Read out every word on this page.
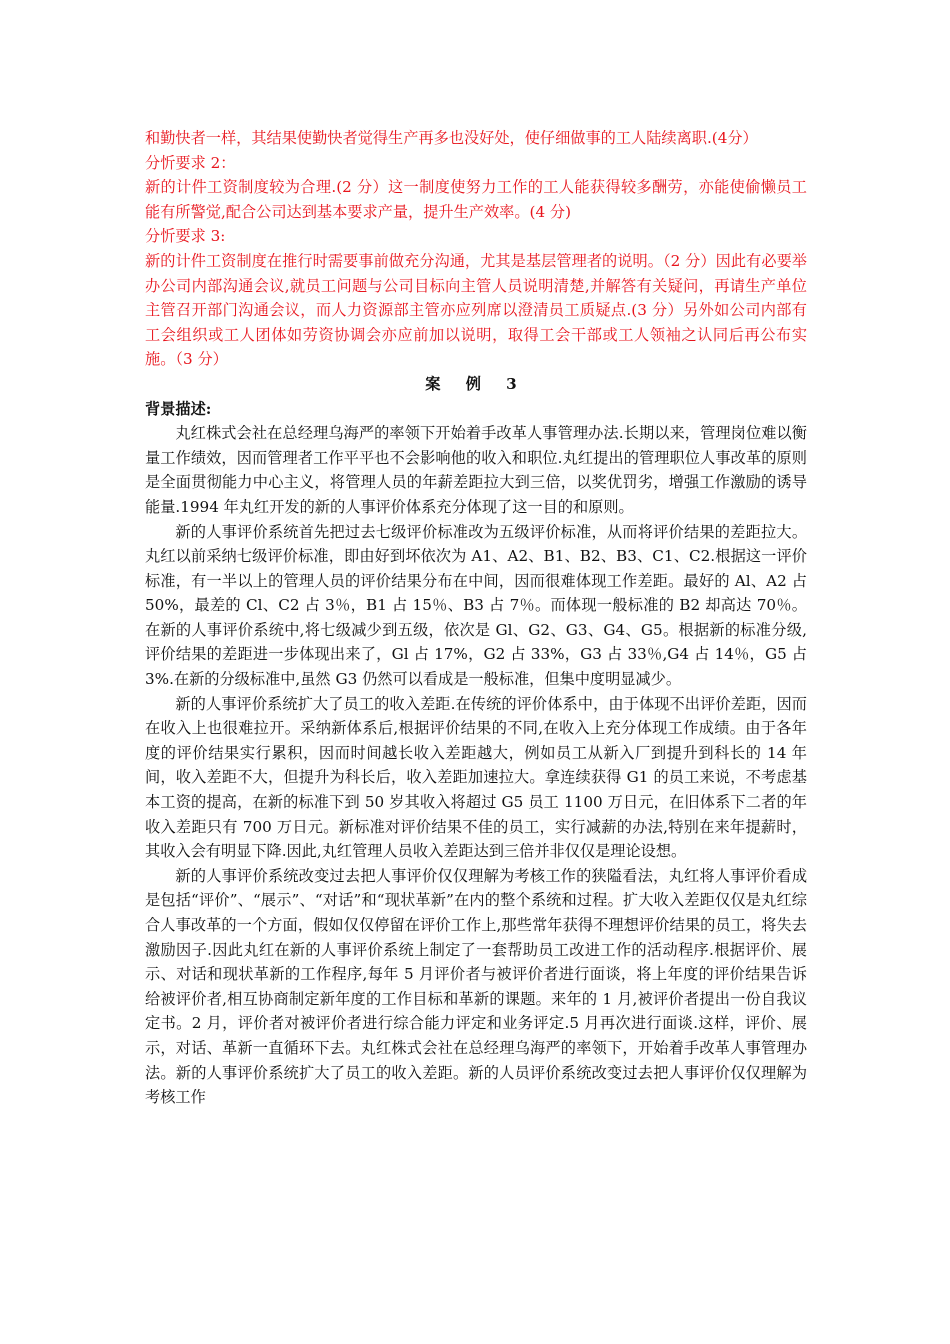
和勤快者一样，其结果使勤快者觉得生产再多也没好处，使仔细做事的工人陆续离职.(4分）

分忻要求 2：

新的计件工资制度较为合理.(2 分）这一制度使努力工作的工人能获得较多酬劳，亦能使偷懒员工能有所警觉,配合公司达到基本要求产量，提升生产效率。(4 分)

分忻要求 3:

新的计件工资制度在推行时需要事前做充分沟通，尤其是基层管理者的说明。（2 分）因此有必要举办公司内部沟通会议,就员工问题与公司目标向主管人员说明清楚,并解答有关疑问，再请生产单位主管召开部门沟通会议，而人力资源部主管亦应列席以澄清员工质疑点.(3 分）另外如公司内部有工会组织或工人团体如劳资协调会亦应前加以说明，取得工会干部或工人领袖之认同后再公布实施。（3 分）

案 例 3

背景描述:

丸红株式会社在总经理乌海严的率领下开始着手改革人事管理办法.长期以来，管理岗位难以衡量工作绩效，因而管理者工作平平也不会影响他的收入和职位.丸红提出的管理职位人事改革的原则是全面贯彻能力中心主义，将管理人员的年薪差距拉大到三倍，以奖优罚劣，增强工作激励的诱导能量.1994 年丸红开发的新的人事评价体系充分体现了这一目的和原则。

新的人事评价系统首先把过去七级评价标准改为五级评价标准，从而将评价结果的差距拉大。丸红以前采纳七级评价标准，即由好到坏依次为 A1、A2、B1、B2、B3、C1、C2.根据这一评价标准，有一半以上的管理人员的评价结果分布在中间，因而很难体现工作差距。最好的 Al、A2 占 50%，最差的 Cl、C2 占 3％，B1 占 15％、B3 占 7％。而体现一般标准的 B2 却高达 70％。在新的人事评价系统中,将七级减少到五级，依次是 Gl、G2、G3、G4、G5。根据新的标准分级,评价结果的差距进一步体现出来了，Gl 占 17%，G2 占 33%，G3 占 33％,G4 占 14％，G5 占 3%.在新的分级标准中,虽然 G3 仍然可以看成是一般标准，但集中度明显减少。

新的人事评价系统扩大了员工的收入差距.在传统的评价体系中，由于体现不出评价差距，因而在收入上也很难拉开。采纳新体系后,根据评价结果的不同,在收入上充分体现工作成绩。由于各年度的评价结果实行累积，因而时间越长收入差距越大，例如员工从新入厂到提升到科长的 14 年间，收入差距不大，但提升为科长后，收入差距加速拉大。拿连续获得 G1 的员工来说，不考虑基本工资的提高，在新的标准下到 50 岁其收入将超过 G5 员工 1100 万日元，在旧体系下二者的年收入差距只有 700 万日元。新标准对评价结果不佳的员工，实行减薪的办法,特别在来年提薪时，其收入会有明显下降.因此,丸红管理人员收入差距达到三倍并非仅仅是理论设想。

新的人事评价系统改变过去把人事评价仅仅理解为考核工作的狭隘看法，丸红将人事评价看成是包括“评价”、“展示”、“对话”和“现状革新”在内的整个系统和过程。扩大收入差距仅仅是丸红综合人事改革的一个方面，假如仅仅停留在评价工作上,那些常年获得不理想评价结果的员工，将失去激励因子.因此丸红在新的人事评价系统上制定了一套帮助员工改进工作的活动程序.根据评价、展示、对话和现状革新的工作程序,每年 5 月评价者与被评价者进行面谈，将上年度的评价结果告诉给被评价者,相互协商制定新年度的工作目标和革新的课题。来年的 1 月,被评价者提出一份自我议定书。2 月，评价者对被评价者进行综合能力评定和业务评定.5 月再次进行面谈.这样，评价、展示，对话、革新一直循环下去。丸红株式会社在总经理乌海严的率领下，开始着手改革人事管理办法。新的人事评价系统扩大了员工的收入差距。新的人员评价系统改变过去把人事评价仅仅理解为考核工作
